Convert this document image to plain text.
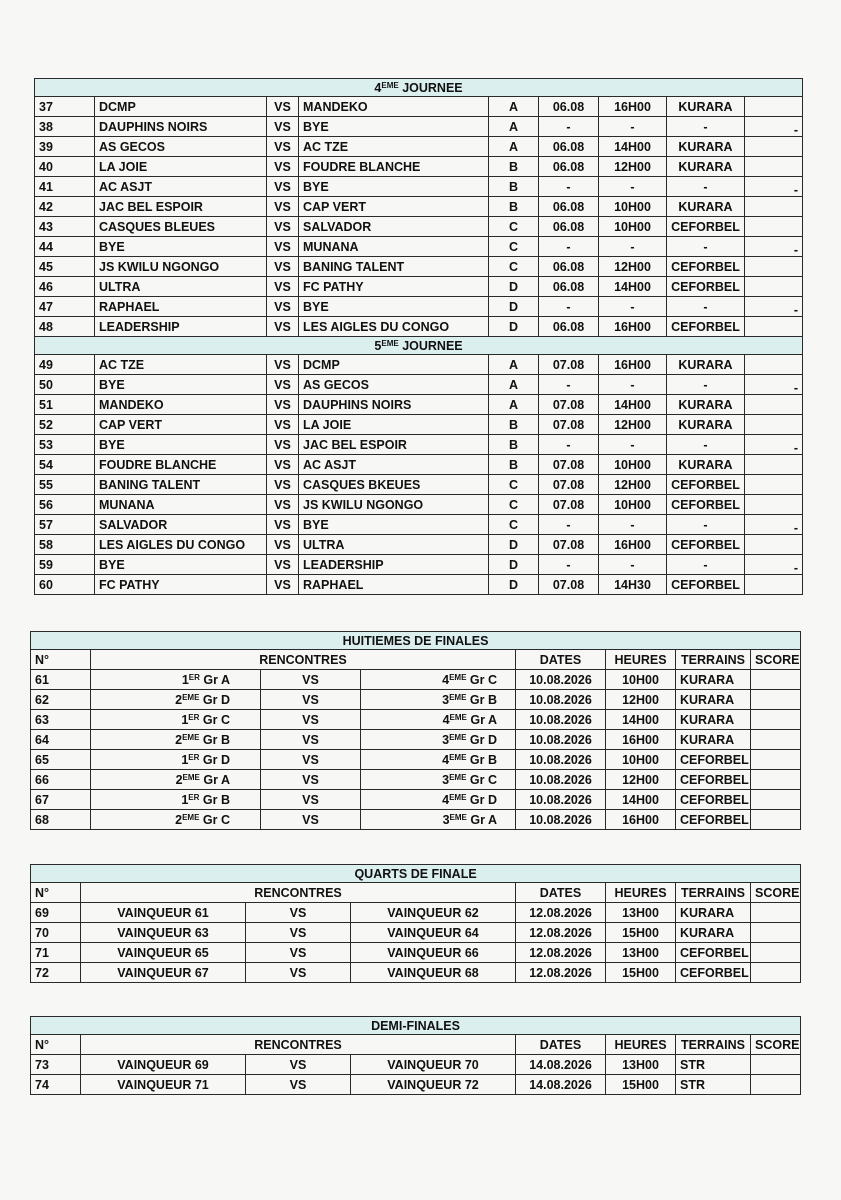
4EME JOURNEE								
37	DCMP	VS	MANDEKO	A	06.08	16H00	KURARA	
38	DAUPHINS NOIRS	VS	BYE	A	-	-	-	-

39	AS GECOS	VS	AC TZE	A	06.08	14H00	KURARA	
40	LA JOIE	VS	FOUDRE BLANCHE	B	06.08	12H00	KURARA	
41	AC ASJT	VS	BYE	B	-	-	-	-

42	JAC BEL ESPOIR	VS	CAP VERT	B	06.08	10H00	KURARA	
43	CASQUES BLEUES	VS	SALVADOR	C	06.08	10H00	CEFORBEL	
44	BYE	VS	MUNANA	C	-	-	-	-

45	JS KWILU NGONGO	VS	BANING TALENT	C	06.08	12H00	CEFORBEL	
46	ULTRA	VS	FC PATHY	D	06.08	14H00	CEFORBEL	
47	RAPHAEL	VS	BYE	D	-	-	-	-

48	LEADERSHIP	VS	LES AIGLES DU CONGO	D	06.08	16H00	CEFORBEL	
5EME JOURNEE								
49	AC TZE	VS	DCMP	A	07.08	16H00	KURARA	
50	BYE	VS	AS GECOS	A	-	-	-	-

51	MANDEKO	VS	DAUPHINS NOIRS	A	07.08	14H00	KURARA	
52	CAP VERT	VS	LA JOIE	B	07.08	12H00	KURARA	
53	BYE	VS	JAC BEL ESPOIR	B	-	-	-	-

54	FOUDRE BLANCHE	VS	AC ASJT	B	07.08	10H00	KURARA	
55	BANING TALENT	VS	CASQUES BKEUES	C	07.08	12H00	CEFORBEL	
56	MUNANA	VS	JS KWILU NGONGO	C	07.08	10H00	CEFORBEL	
57	SALVADOR	VS	BYE	C	-	-	-	-

58	LES AIGLES DU CONGO	VS	ULTRA	D	07.08	16H00	CEFORBEL	
59	BYE	VS	LEADERSHIP	D	-	-	-	-

60	FC PATHY	VS	RAPHAEL	D	07.08	14H30	CEFORBEL	
HUITIEMES DE FINALES							
N°	RENCONTRES			DATES	HEURES	TERRAINS	SCORE
61	1ER Gr A	VS	4EME Gr C	10.08.2026	10H00	KURARA	
62	2EME Gr D	VS	3EME Gr B	10.08.2026	12H00	KURARA	
63	1ER Gr C	VS	4EME Gr A	10.08.2026	14H00	KURARA	
64	2EME Gr B	VS	3EME Gr D	10.08.2026	16H00	KURARA	
65	1ER Gr D	VS	4EME Gr B	10.08.2026	10H00	CEFORBEL	
66	2EME Gr A	VS	3EME Gr C	10.08.2026	12H00	CEFORBEL	
67	1ER Gr B	VS	4EME Gr D	10.08.2026	14H00	CEFORBEL	
68	2EME Gr C	VS	3EME Gr A	10.08.2026	16H00	CEFORBEL	
QUARTS DE FINALE							
N°	RENCONTRES			DATES	HEURES	TERRAINS	SCORE
69	VAINQUEUR 61	VS	VAINQUEUR 62	12.08.2026	13H00	KURARA	
70	VAINQUEUR 63	VS	VAINQUEUR 64	12.08.2026	15H00	KURARA	
71	VAINQUEUR 65	VS	VAINQUEUR 66	12.08.2026	13H00	CEFORBEL	
72	VAINQUEUR 67	VS	VAINQUEUR 68	12.08.2026	15H00	CEFORBEL	
DEMI-FINALES							
N°	RENCONTRES			DATES	HEURES	TERRAINS	SCORE
73	VAINQUEUR 69	VS	VAINQUEUR 70	14.08.2026	13H00	STR	
74	VAINQUEUR 71	VS	VAINQUEUR 72	14.08.2026	15H00	STR	
